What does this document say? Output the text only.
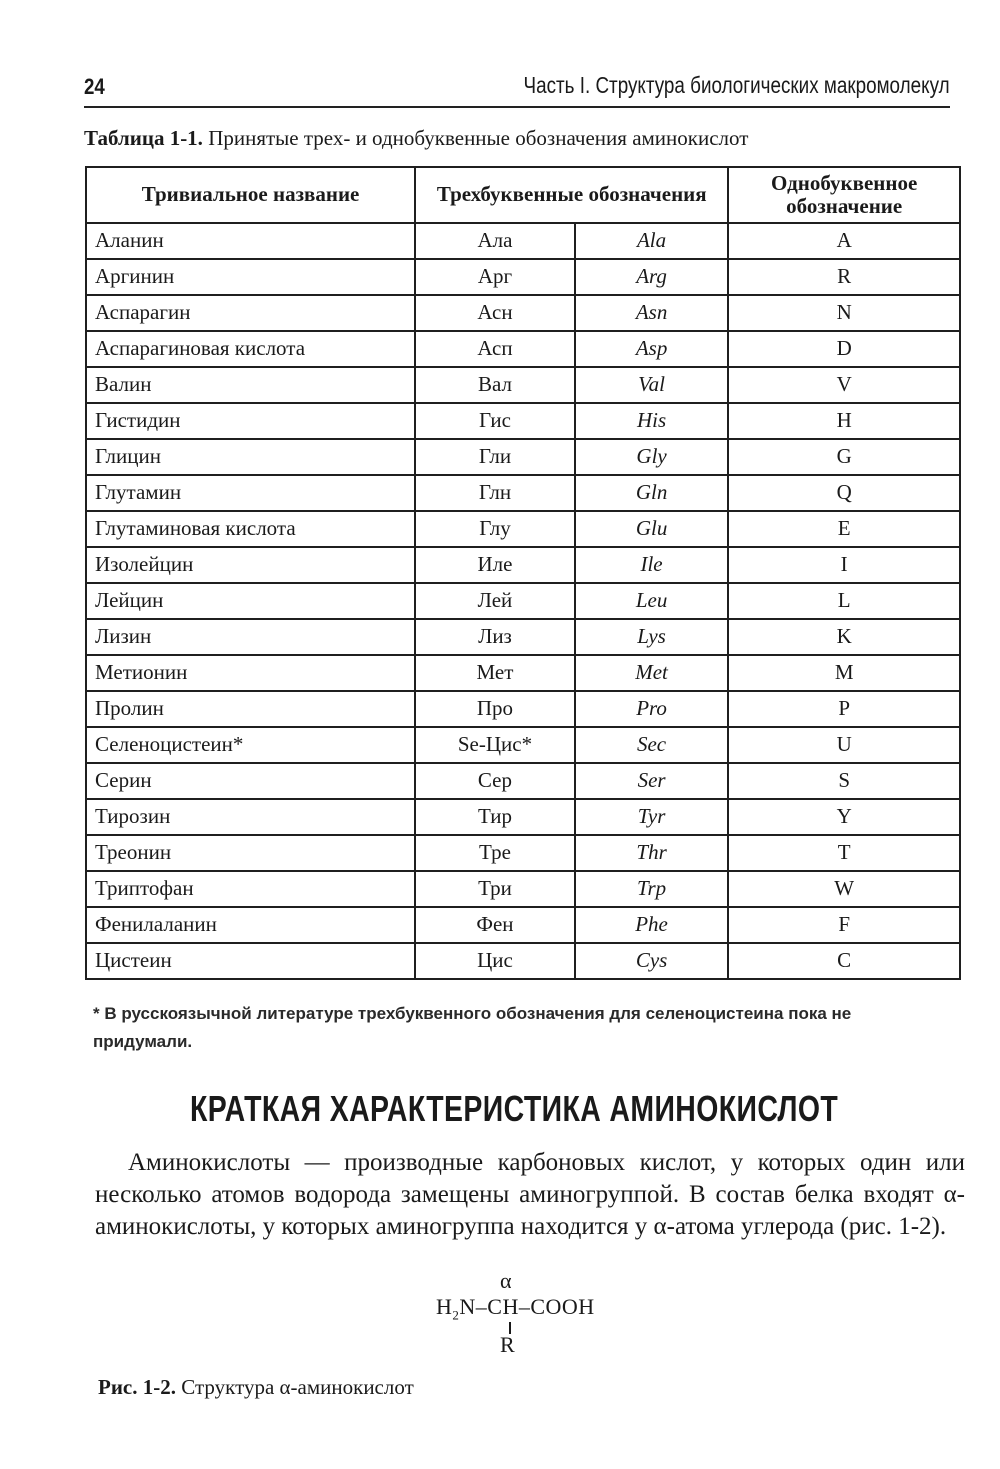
24	Часть I. Структура биологических макромолекул
Таблица 1-1. Принятые трех- и однобуквенные обозначения аминокислот
Тривиальное название	Трехбуквенные обозначения		Однобуквенное обозначение
Аланин	Ала	Ala	A
Аргинин	Арг	Arg	R
Аспарагин	Асн	Asn	N
Аспарагиновая кислота	Асп	Asp	D
Валин	Вал	Val	V
Гистидин	Гис	His	H
Глицин	Гли	Gly	G
Глутамин	Глн	Gln	Q
Глутаминовая кислота	Глу	Glu	E
Изолейцин	Иле	Ile	I
Лейцин	Лей	Leu	L
Лизин	Лиз	Lys	K
Метионин	Мет	Met	M
Пролин	Про	Pro	P
Селеноцистеин*	Se-Цис*	Sec	U
Серин	Сер	Ser	S
Тирозин	Тир	Tyr	Y
Треонин	Тре	Thr	T
Триптофан	Три	Trp	W
Фенилаланин	Фен	Phe	F
Цистеин	Цис	Cys	C
* В русскоязычной литературе трехбуквенного обозначения для селеноцистеина пока не придумали.
КРАТКАЯ ХАРАКТЕРИСТИКА АМИНОКИСЛОТ

Аминокислоты — производные карбоновых кислот, у которых один или несколько атомов водорода замещены аминогруппой. В состав белка входят α-аминокислоты, у которых аминогруппа находится у α-атома углерода (рис. 1-2).

α
$H_2N-CH$–COOH
R
Рис. 1-2. Структура α-аминокислот
